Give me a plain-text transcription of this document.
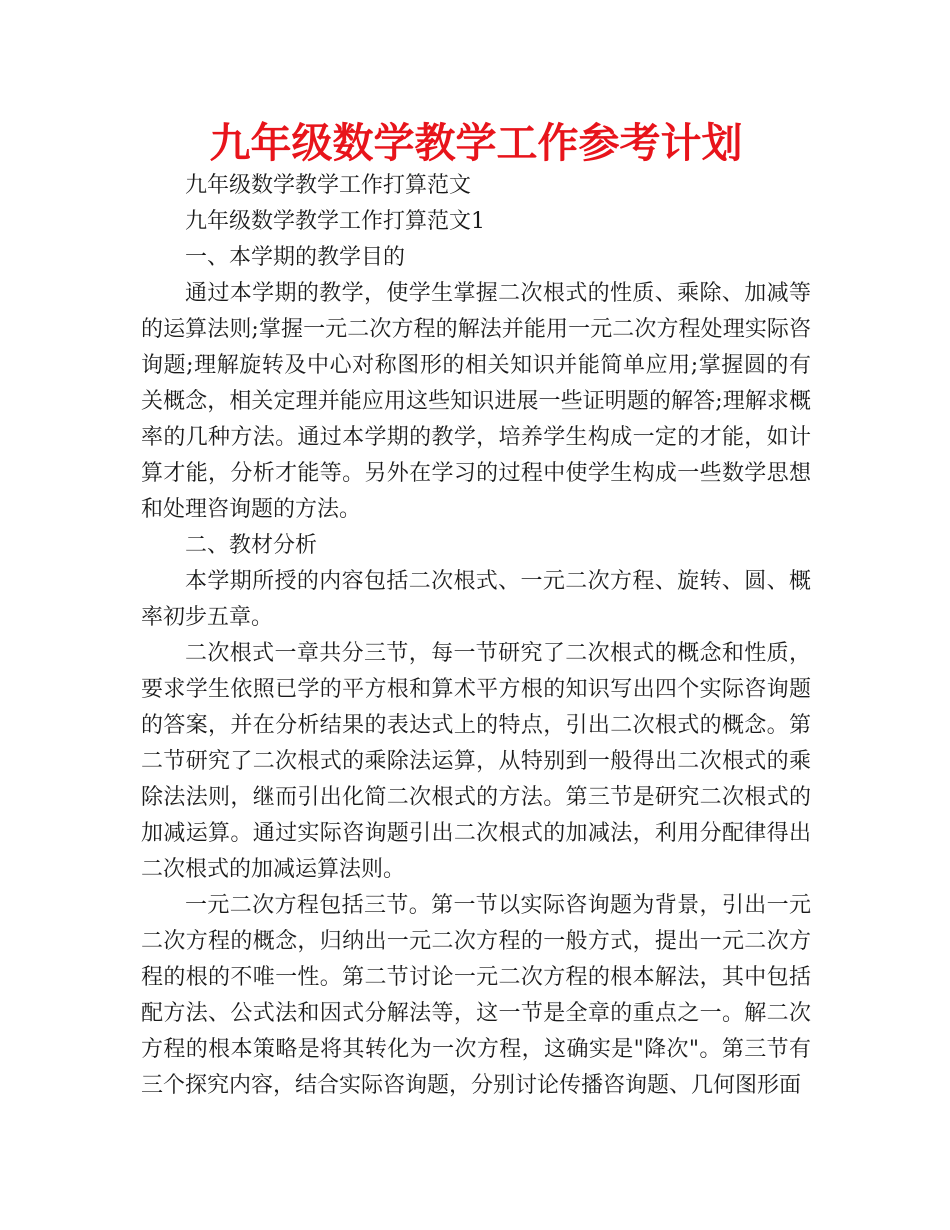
九年级数学教学工作参考计划

九年级数学教学工作打算范文

九年级数学教学工作打算范文1

一、本学期的教学目的

通过本学期的教学，使学生掌握二次根式的性质、乘除、加减等的运算法则;掌握一元二次方程的解法并能用一元二次方程处理实际咨询题;理解旋转及中心对称图形的相关知识并能简单应用;掌握圆的有关概念，相关定理并能应用这些知识进展一些证明题的解答;理解求概率的几种方法。通过本学期的教学，培养学生构成一定的才能，如计算才能，分析才能等。另外在学习的过程中使学生构成一些数学思想和处理咨询题的方法。

二、教材分析

本学期所授的内容包括二次根式、一元二次方程、旋转、圆、概率初步五章。

二次根式一章共分三节，每一节研究了二次根式的概念和性质，要求学生依照已学的平方根和算术平方根的知识写出四个实际咨询题的答案，并在分析结果的表达式上的特点，引出二次根式的概念。第二节研究了二次根式的乘除法运算，从特别到一般得出二次根式的乘除法法则，继而引出化简二次根式的方法。第三节是研究二次根式的加减运算。通过实际咨询题引出二次根式的加减法，利用分配律得出二次根式的加减运算法则。

一元二次方程包括三节。第一节以实际咨询题为背景，引出一元二次方程的概念，归纳出一元二次方程的一般方式，提出一元二次方程的根的不唯一性。第二节讨论一元二次方程的根本解法，其中包括配方法、公式法和因式分解法等，这一节是全章的重点之一。解二次方程的根本策略是将其转化为一次方程，这确实是"降次"。第三节有三个探究内容，结合实际咨询题，分别讨论传播咨询题、几何图形面
